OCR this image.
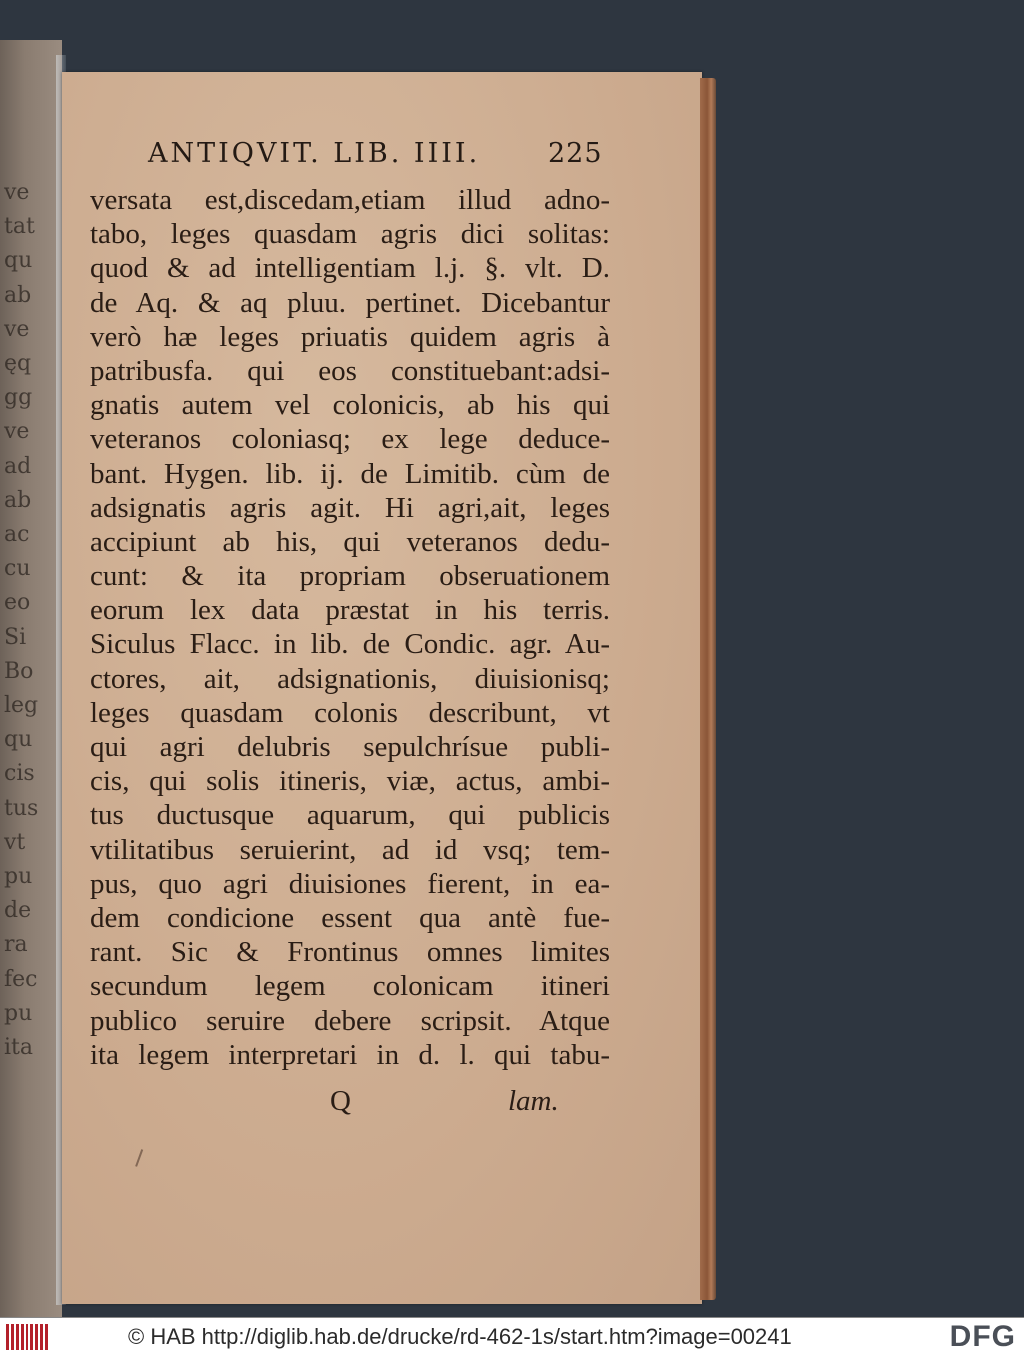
ve
tat
qu
ab
ve
ęq
gg
ve
ad
ab
ac
cu
eo
Si
Bo
leg
qu
cis
tus
vt
pu
de
ra
fec
pu
ita
ANTIQVIT. LIB. IIII.	225
versata est,discedam,etiam illud adno-
tabo, leges quasdam agris dici solitas:
quod & ad intelligentiam l.j. §. vlt. D.
de Aq. & aq pluu. pertinet. Dicebantur
verò hæ leges priuatis quidem agris à
patribusfa. qui eos constituebant:adsi-
gnatis autem vel colonicis, ab his qui
veteranos coloniasq; ex lege deduce-
bant. Hygen. lib. ij. de Limitib. cùm de
adsignatis agris agit. Hi agri,ait, leges
accipiunt ab his, qui veteranos dedu-
cunt: & ita propriam obseruationem
eorum lex data præstat in his terris.
Siculus Flacc. in lib. de Condic. agr. Au-
ctores, ait, adsignationis, diuisionisq;
leges quasdam colonis describunt, vt
qui agri delubris sepulchrísue publi-
cis, qui solis itineris, viæ, actus, ambi-
tus ductusque aquarum, qui publicis
vtilitatibus seruierint, ad id vsq; tem-
pus, quo agri diuisiones fierent, in ea-
dem condicione essent qua antè fue-
rant. Sic & Frontinus omnes limites
secundum legem colonicam itineri
publico seruire debere scripsit. Atque
ita legem interpretari in d. l. qui tabu-
Q	lam.
© HAB http://diglib.hab.de/drucke/rd-462-1s/start.htm?image=00241	DFG
